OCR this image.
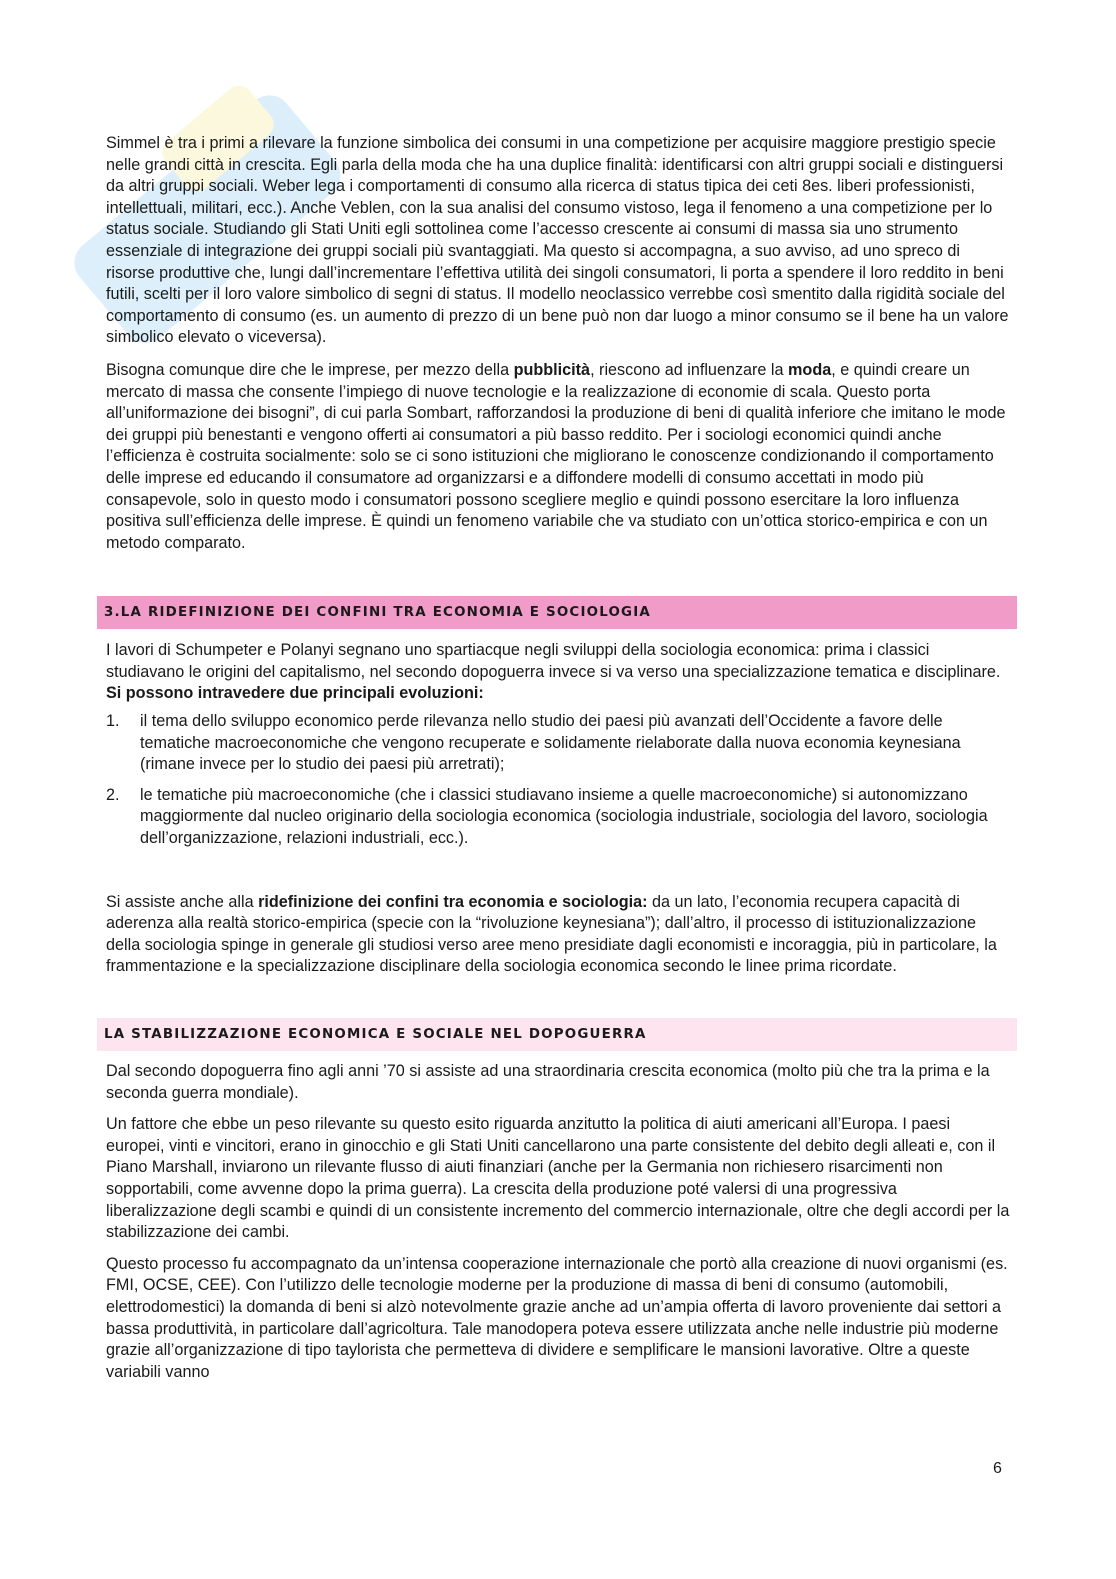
Simmel è tra i primi a rilevare la funzione simbolica dei consumi in una competizione per acquisire maggiore prestigio specie nelle grandi città in crescita. Egli parla della moda che ha una duplice finalità: identificarsi con altri gruppi sociali e distinguersi da altri gruppi sociali. Weber lega i comportamenti di consumo alla ricerca di status tipica dei ceti 8es. liberi professionisti, intellettuali, militari, ecc.). Anche Veblen, con la sua analisi del consumo vistoso, lega il fenomeno a una competizione per lo status sociale. Studiando gli Stati Uniti egli sottolinea come l’accesso crescente ai consumi di massa sia uno strumento essenziale di integrazione dei gruppi sociali più svantaggiati. Ma questo si accompagna, a suo avviso, ad uno spreco di risorse produttive che, lungi dall’incrementare l’effettiva utilità dei singoli consumatori, li porta a spendere il loro reddito in beni futili, scelti per il loro valore simbolico di segni di status. Il modello neoclassico verrebbe così smentito dalla rigidità sociale del comportamento di consumo (es. un aumento di prezzo di un bene può non dar luogo a minor consumo se il bene ha un valore simbolico elevato o viceversa).

Bisogna comunque dire che le imprese, per mezzo della pubblicità, riescono ad influenzare la moda, e quindi creare un mercato di massa che consente l’impiego di nuove tecnologie e la realizzazione di economie di scala. Questo porta all’uniformazione dei bisogni”, di cui parla Sombart, rafforzandosi la produzione di beni di qualità inferiore che imitano le mode dei gruppi più benestanti e vengono offerti ai consumatori a più basso reddito. Per i sociologi economici quindi anche l’efficienza è costruita socialmente: solo se ci sono istituzioni che migliorano le conoscenze condizionando il comportamento delle imprese ed educando il consumatore ad organizzarsi e a diffondere modelli di consumo accettati in modo più consapevole, solo in questo modo i consumatori possono scegliere meglio e quindi possono esercitare la loro influenza positiva sull’efficienza delle imprese. È quindi un fenomeno variabile che va studiato con un’ottica storico-empirica e con un metodo comparato.

3.LA RIDEFINIZIONE DEI CONFINI TRA ECONOMIA E SOCIOLOGIA

I lavori di Schumpeter e Polanyi segnano uno spartiacque negli sviluppi della sociologia economica: prima i classici studiavano le origini del capitalismo, nel secondo dopoguerra invece si va verso una specializzazione tematica e disciplinare. Si possono intravedere due principali evoluzioni:

1. il tema dello sviluppo economico perde rilevanza nello studio dei paesi più avanzati dell’Occidente a favore delle tematiche macroeconomiche che vengono recuperate e solidamente rielaborate dalla nuova economia keynesiana (rimane invece per lo studio dei paesi più arretrati);
2. le tematiche più macroeconomiche (che i classici studiavano insieme a quelle macroeconomiche) si autonomizzano maggiormente dal nucleo originario della sociologia economica (sociologia industriale, sociologia del lavoro, sociologia dell’organizzazione, relazioni industriali, ecc.).

Si assiste anche alla ridefinizione dei confini tra economia e sociologia: da un lato, l’economia recupera capacità di aderenza alla realtà storico-empirica (specie con la “rivoluzione keynesiana”); dall’altro, il processo di istituzionalizzazione della sociologia spinge in generale gli studiosi verso aree meno presidiate dagli economisti e incoraggia, più in particolare, la frammentazione e la specializzazione disciplinare della sociologia economica secondo le linee prima ricordate.

LA STABILIZZAZIONE ECONOMICA E SOCIALE NEL DOPOGUERRA

Dal secondo dopoguerra fino agli anni ’70 si assiste ad una straordinaria crescita economica (molto più che tra la prima e la seconda guerra mondiale).

Un fattore che ebbe un peso rilevante su questo esito riguarda anzitutto la politica di aiuti americani all’Europa. I paesi europei, vinti e vincitori, erano in ginocchio e gli Stati Uniti cancellarono una parte consistente del debito degli alleati e, con il Piano Marshall, inviarono un rilevante flusso di aiuti finanziari (anche per la Germania non richiesero risarcimenti non sopportabili, come avvenne dopo la prima guerra). La crescita della produzione poté valersi di una progressiva liberalizzazione degli scambi e quindi di un consistente incremento del commercio internazionale, oltre che degli accordi per la stabilizzazione dei cambi.

Questo processo fu accompagnato da un’intensa cooperazione internazionale che portò alla creazione di nuovi organismi (es. FMI, OCSE, CEE). Con l’utilizzo delle tecnologie moderne per la produzione di massa di beni di consumo (automobili, elettrodomestici) la domanda di beni si alzò notevolmente grazie anche ad un’ampia offerta di lavoro proveniente dai settori a bassa produttività, in particolare dall’agricoltura. Tale manodopera poteva essere utilizzata anche nelle industrie più moderne grazie all’organizzazione di tipo taylorista che permetteva di dividere e semplificare le mansioni lavorative. Oltre a queste variabili vanno

6
